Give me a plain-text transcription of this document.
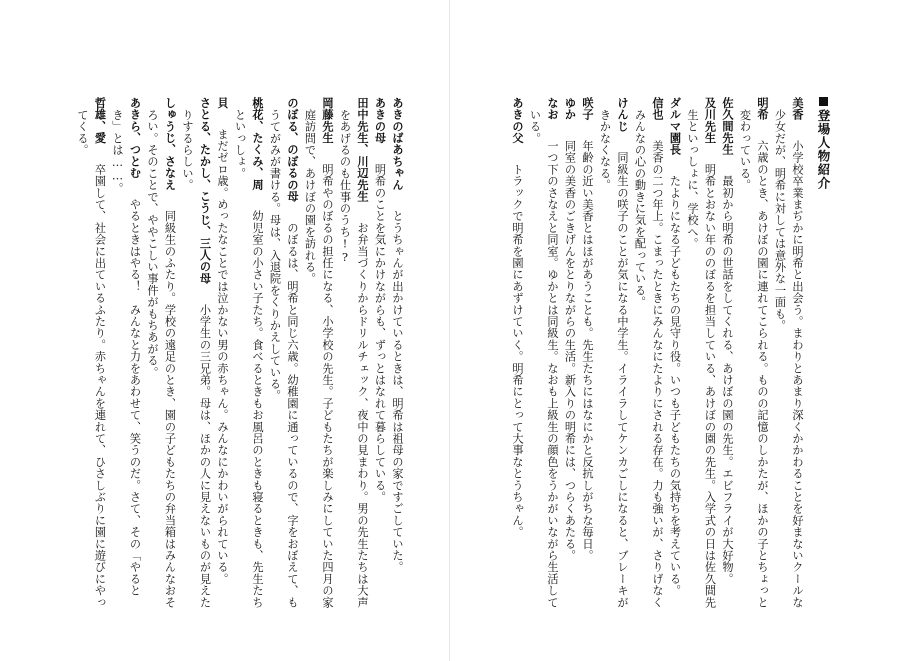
あきのばあちゃん　とうちゃんが出かけているときは、明希は祖母の家ですごしていた。
あきの母　明希のことを気にかけながらも、ずっとはなれて暮らしている。
田中先生、川辺先生　お弁当づくりからドリルチェック、夜中の見まわり。男の先生たちは大声
をあげるのも仕事のうち!?
岡藤先生　明希やのぼるの担任になる、小学校の先生。子どもたちが楽しみにしていた四月の家
庭訪問で、あけぼの園を訪れる。
のぼる、のぼるの母　のぼるは、明希と同じ六歳。幼稚園に通っているので、字をおぼえて、も
うてがみが書ける。母は、入退院をくりかえしている。
桃花、たくみ、周　幼児室の小さい子たち。食べるときもお風呂のときも寝るときも、先生たち
といっしょ。
貝　まだゼロ歳。めったなことでは泣かない男の赤ちゃん。みんなにかわいがられている。
さとる、たかし、こうじ、三人の母　小学生の三兄弟。母は、ほかの人に見えないものが見えた
りするらしい。
しゅうじ、さなえ　同級生のふたり。学校の遠足のとき、園の子どもたちの弁当箱はみんなおそ
ろい。そのことで、ややこしい事件がもちあがる。
あきら、つとむ　やるときはやる！　みんなと力をあわせて、笑うのだ。さて、その「やると
き」とは……。
哲雄、愛　卒園して、社会に出ているふたり。赤ちゃんを連れて、ひさしぶりに園に遊びにやっ
てくる。	登場人物紹介
美香　小学校卒業まぢかに明希と出会う。まわりとあまり深くかかわることを好まないクールな
少女だが、明希に対しては意外な一面も。
明希　六歳のとき、あけぼの園に連れてこられる。ものの記憶のしかたが、ほかの子とちょっと
変わっている。
佐久間先生　最初から明希の世話をしてくれる、あけぼの園の先生。エビフライが大好物。
及川先生　明希とおない年ののぼるを担当している、あけぼの園の先生。入学式の日は佐久間先
生といっしょに、学校へ。
ダルマ園長　たよりになる子どもたちの見守り役。いつも子どもたちの気持ちを考えている。
信也　美香の二つ年上。こまったときにみんなにたよりにされる存在。力も強いが、さりげなく
みんなの心の動きに気を配っている。
けんじ　同級生の咲子のことが気になる中学生。イライラしてケンカごしになると、ブレーキが
きかなくなる。
咲子　年齢の近い美香とはほがあうことも。先生たちにはなにかと反抗しがちな毎日。
ゆか　同室の美香のごきげんをとりながらの生活。新入りの明希には、つらくあたる。
なお　一つ下のさなえと同室。ゆかとは同級生。なおも上級生の顔色をうかがいながら生活して
いる。
あきの父　トラックで明希を園にあずけていく。明希にとって大事なとうちゃん。
